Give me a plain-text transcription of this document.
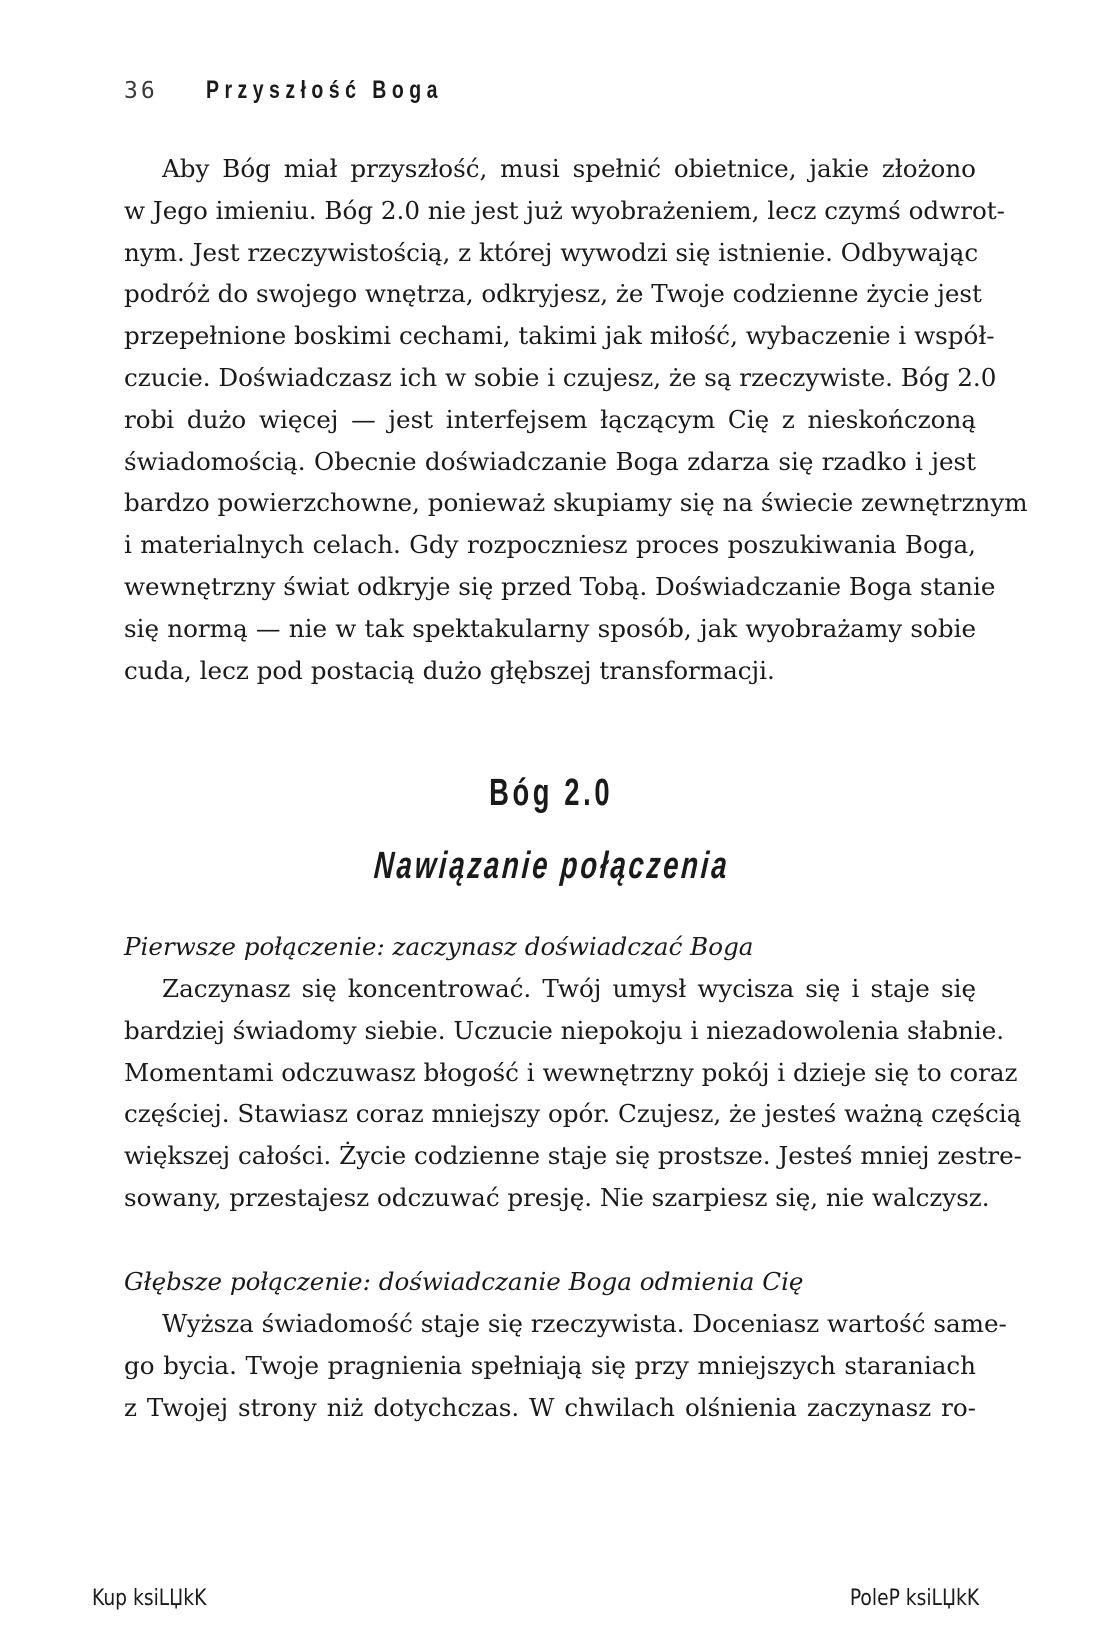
36 Przyszłość Boga
Aby Bóg miał przyszłość, musi spełnić obietnice, jakie złożono
w Jego imieniu. Bóg 2.0 nie jest już wyobrażeniem, lecz czymś odwrot-
nym. Jest rzeczywistością, z której wywodzi się istnienie. Odbywając
podróż do swojego wnętrza, odkryjesz, że Twoje codzienne życie jest
przepełnione boskimi cechami, takimi jak miłość, wybaczenie i współ-
czucie. Doświadczasz ich w sobie i czujesz, że są rzeczywiste. Bóg 2.0
robi dużo więcej — jest interfejsem łączącym Cię z nieskończoną
świadomością. Obecnie doświadczanie Boga zdarza się rzadko i jest
bardzo powierzchowne, ponieważ skupiamy się na świecie zewnętrznym
i materialnych celach. Gdy rozpoczniesz proces poszukiwania Boga,
wewnętrzny świat odkryje się przed Tobą. Doświadczanie Boga stanie
się normą — nie w tak spektakularny sposób, jak wyobrażamy sobie
cuda, lecz pod postacią dużo głębszej transformacji.
Bóg 2.0
Nawiązanie połączenia
Pierwsze połączenie: zaczynasz doświadczać Boga
Zaczynasz się koncentrować. Twój umysł wycisza się i staje się
bardziej świadomy siebie. Uczucie niepokoju i niezadowolenia słabnie.
Momentami odczuwasz błogość i wewnętrzny pokój i dzieje się to coraz
częściej. Stawiasz coraz mniejszy opór. Czujesz, że jesteś ważną częścią
większej całości. Życie codzienne staje się prostsze. Jesteś mniej zestre-
sowany, przestajesz odczuwać presję. Nie szarpiesz się, nie walczysz.
Głębsze połączenie: doświadczanie Boga odmienia Cię
Wyższa świadomość staje się rzeczywista. Doceniasz wartość same-
go bycia. Twoje pragnienia spełniają się przy mniejszych staraniach
z Twojej strony niż dotychczas. W chwilach olśnienia zaczynasz ro-
Kup ksiLЏkK	PoleP ksiLЏkK
